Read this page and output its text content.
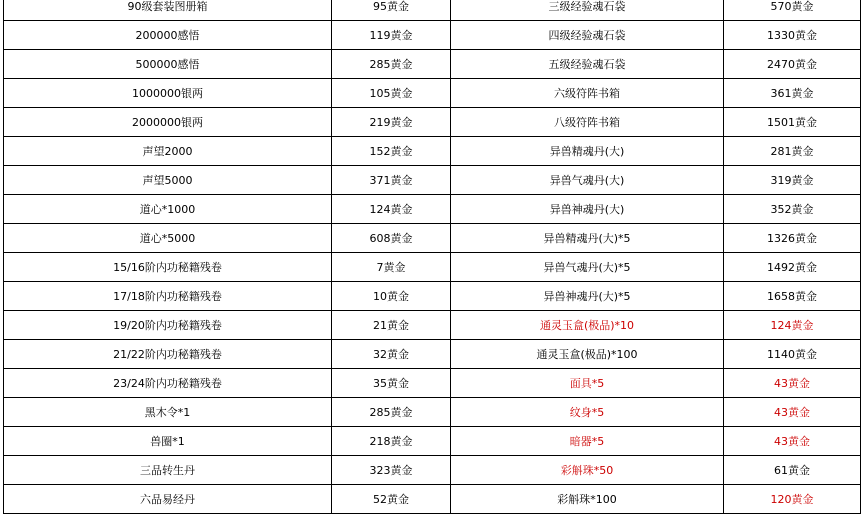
90级套装图册箱	95黄金	三级经验魂石袋	570黄金
200000感悟	119黄金	四级经验魂石袋	1330黄金
500000感悟	285黄金	五级经验魂石袋	2470黄金
1000000银两	105黄金	六级符阵书箱	361黄金
2000000银两	219黄金	八级符阵书箱	1501黄金
声望2000	152黄金	异兽精魂丹(大)	281黄金
声望5000	371黄金	异兽气魂丹(大)	319黄金
道心*1000	124黄金	异兽神魂丹(大)	352黄金
道心*5000	608黄金	异兽精魂丹(大)*5	1326黄金
15/16阶内功秘籍残卷	7黄金	异兽气魂丹(大)*5	1492黄金
17/18阶内功秘籍残卷	10黄金	异兽神魂丹(大)*5	1658黄金
19/20阶内功秘籍残卷	21黄金	通灵玉盒(极品)*10	124黄金
21/22阶内功秘籍残卷	32黄金	通灵玉盒(极品)*100	1140黄金
23/24阶内功秘籍残卷	35黄金	面具*5	43黄金
黑木令*1	285黄金	纹身*5	43黄金
兽圈*1	218黄金	暗器*5	43黄金
三品转生丹	323黄金	彩斛珠*50	61黄金
六品易经丹	52黄金	彩斛珠*100	120黄金
